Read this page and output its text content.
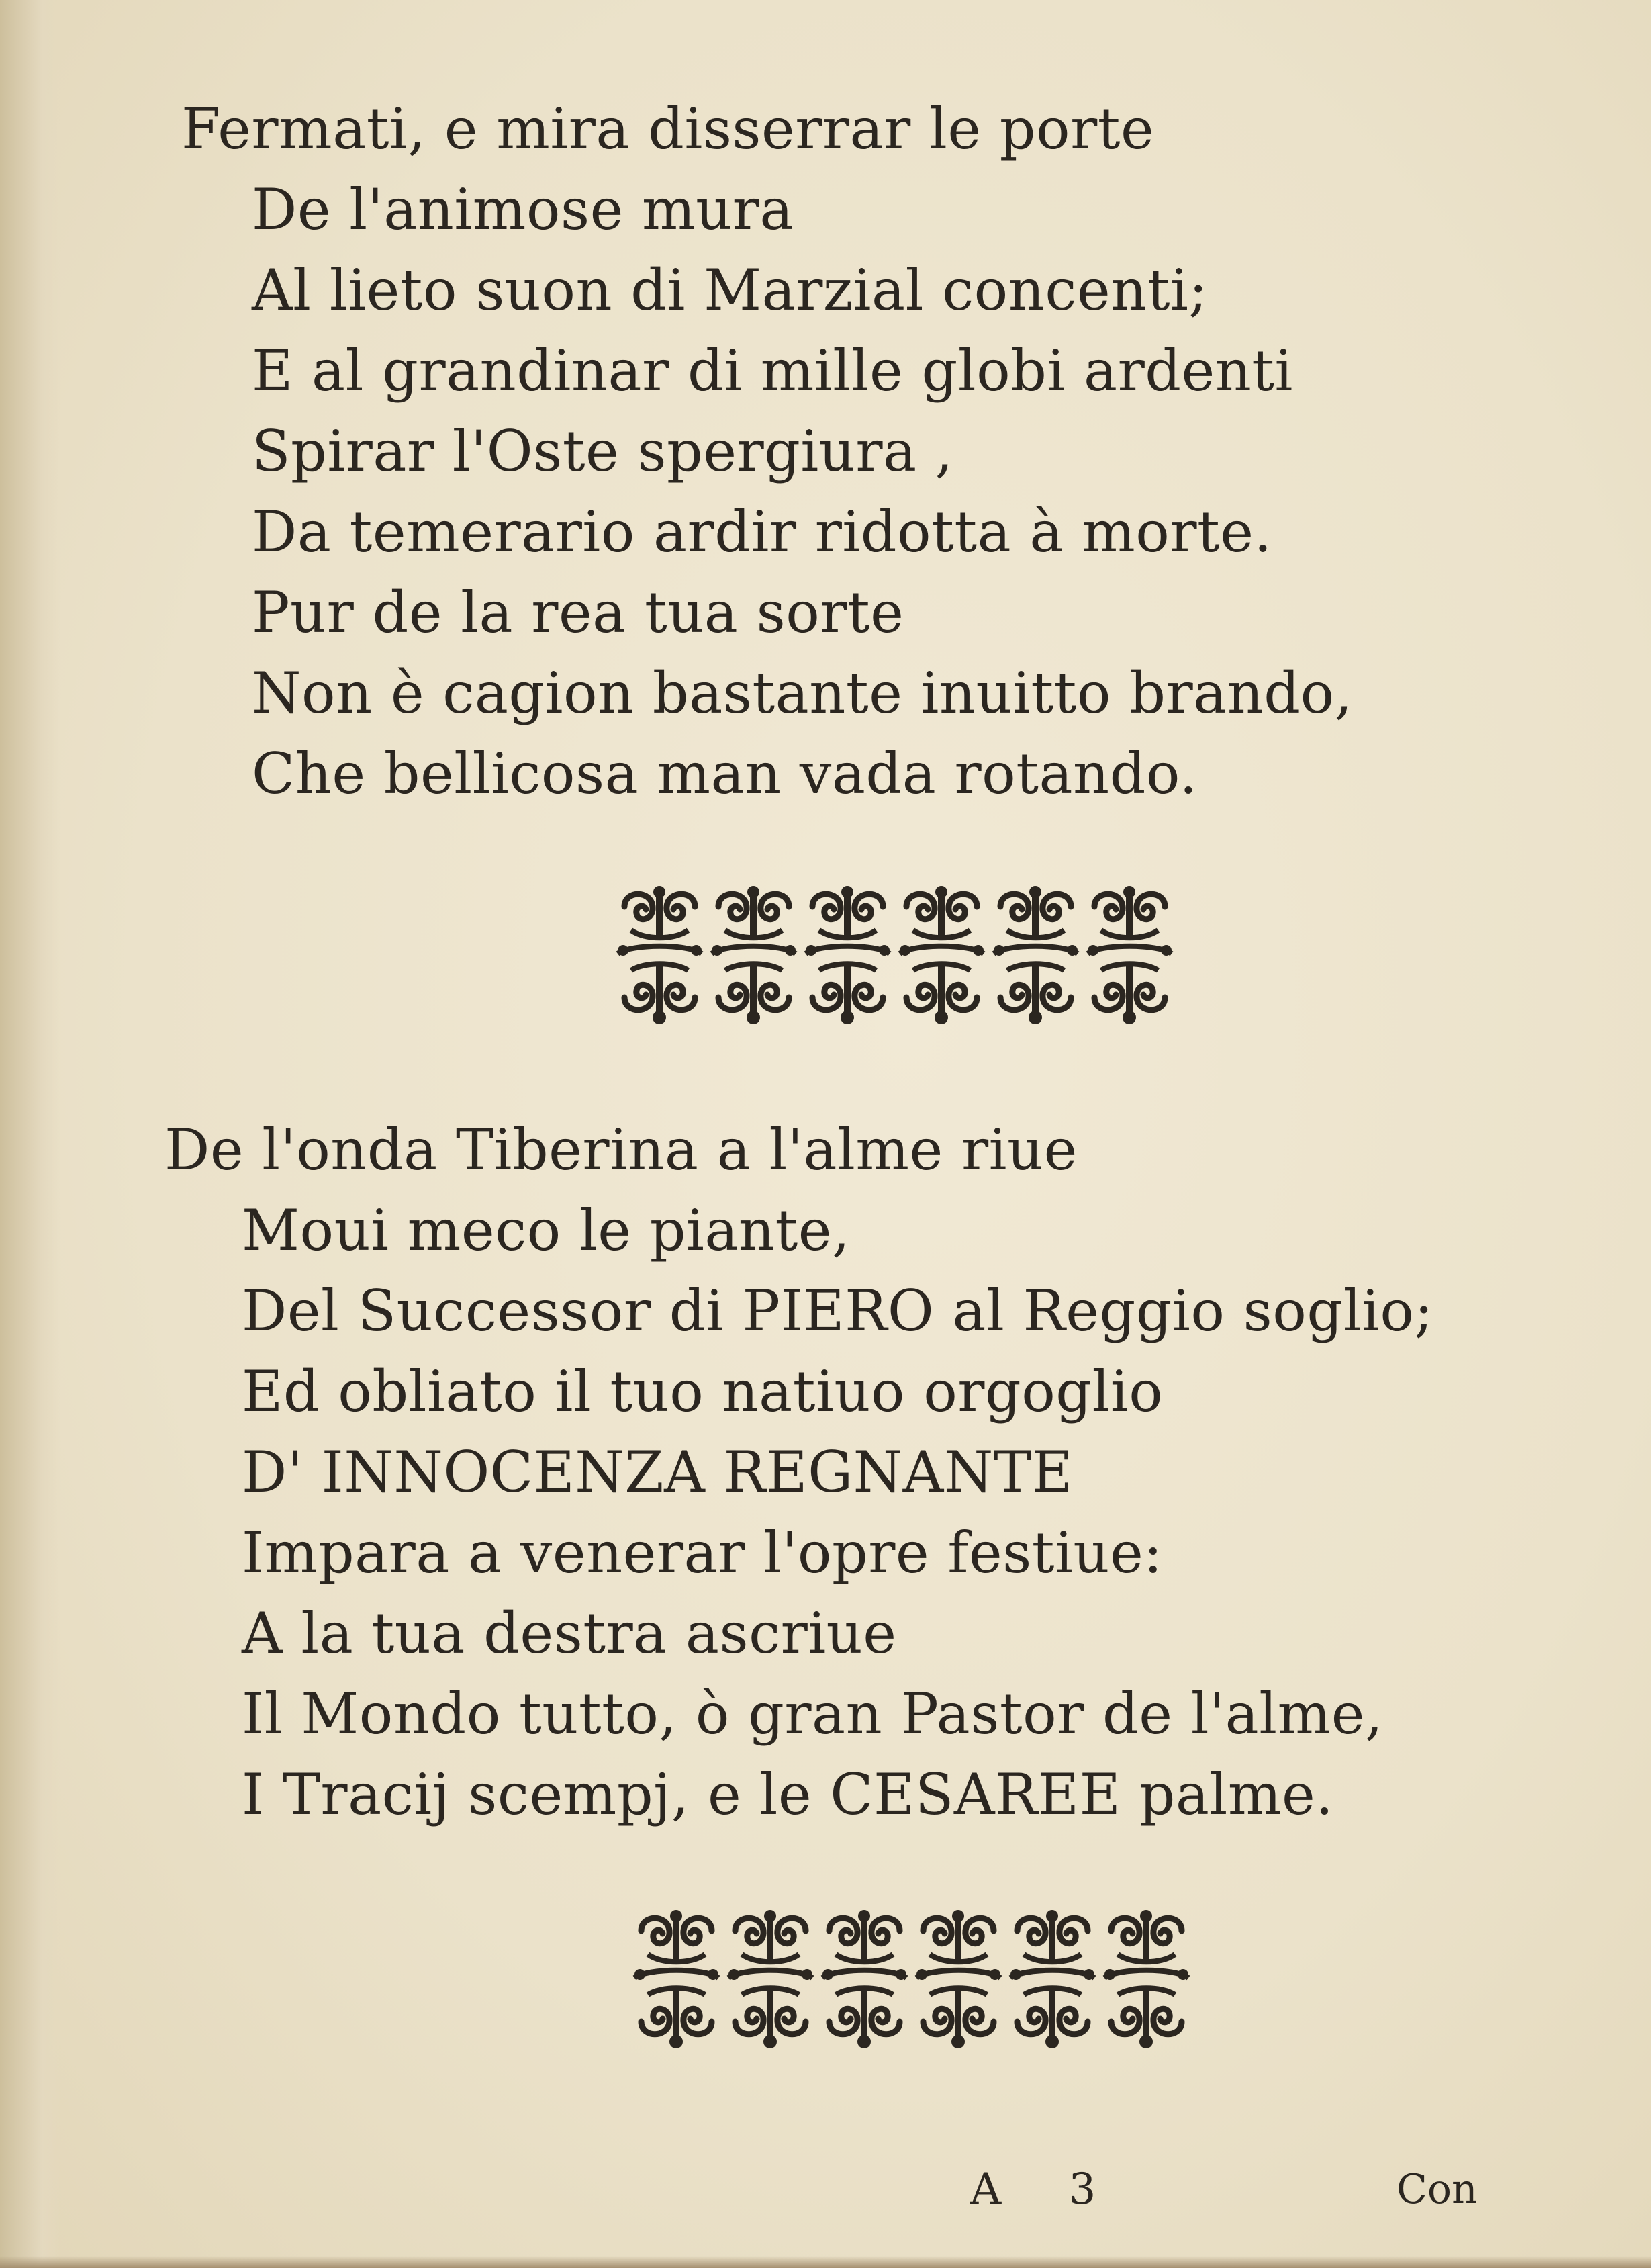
Fermati, e mira disserrar le porte
De l'animose mura
Al lieto suon di Marzial concenti;
E al grandinar di mille globi ardenti
Spirar l'Oste spergiura ,
Da temerario ardir ridotta à morte.
Pur de la rea tua sorte
Non è cagion bastante inuitto brando,
Che bellicosa man vada rotando.
De l'onda Tiberina a l'alme riue
Moui meco le piante,
Del Successor di PIERO al Reggio soglio;
Ed obliato il tuo natiuo orgoglio
D' INNOCENZA REGNANTE
Impara a venerar l'opre festiue:
A la tua destra ascriue
Il Mondo tutto, ò gran Pastor de l'alme,
I Tracij scempj, e le CESAREE palme.
A 3	Con
